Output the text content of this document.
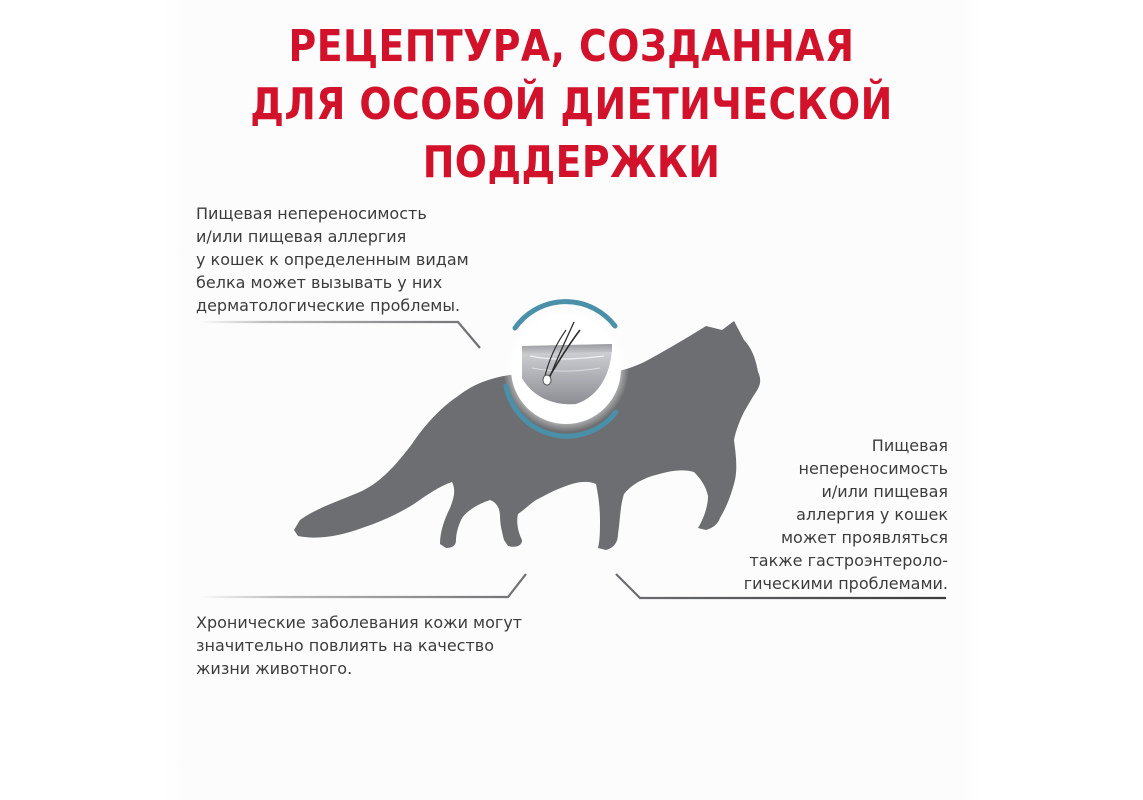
РЕЦЕПТУРА, СОЗДАННАЯ
ДЛЯ ОСОБОЙ ДИЕТИЧЕСКОЙ
ПОДДЕРЖКИ
Пищевая непереносимость
и/или пищевая аллергия
у кошек к определенным видам
белка может вызывать у них
дерматологические проблемы.
Пищевая
непереносимость
и/или пищевая
аллергия у кошек
может проявляться
также гастроэнтероло-
гическими проблемами.
Хронические заболевания кожи могут
значительно повлиять на качество
жизни животного.
